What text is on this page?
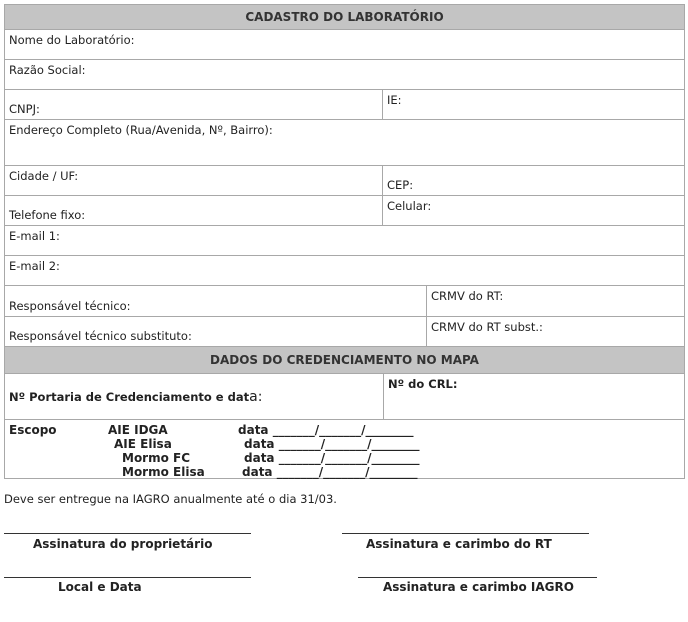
CADASTRO DO LABORATÓRIO
Nome do Laboratório:
Razão Social:
CNPJ:
IE:
Endereço Completo (Rua/Avenida, Nº, Bairro):
Cidade / UF:
CEP:
Telefone fixo:
Celular:
E-mail 1:
E-mail 2:
Responsável técnico:
CRMV do RT:
Responsável técnico substituto:
CRMV do RT subst.:
DADOS DO CREDENCIAMENTO NO MAPA
Nº Portaria de Credenciamento e dat a:
Nº do CRL:
Escopo	AIE IDGA	data _______/_______/________
AIE Elisa	data _______/_______/________
Mormo FC	data _______/_______/________
Mormo Elisa	data _______/_______/________
Deve ser entregue na IAGRO anualmente até o dia 31/03.
Assinatura do proprietário	Assinatura e carimbo do RT
Local e Data	Assinatura e carimbo IAGRO
